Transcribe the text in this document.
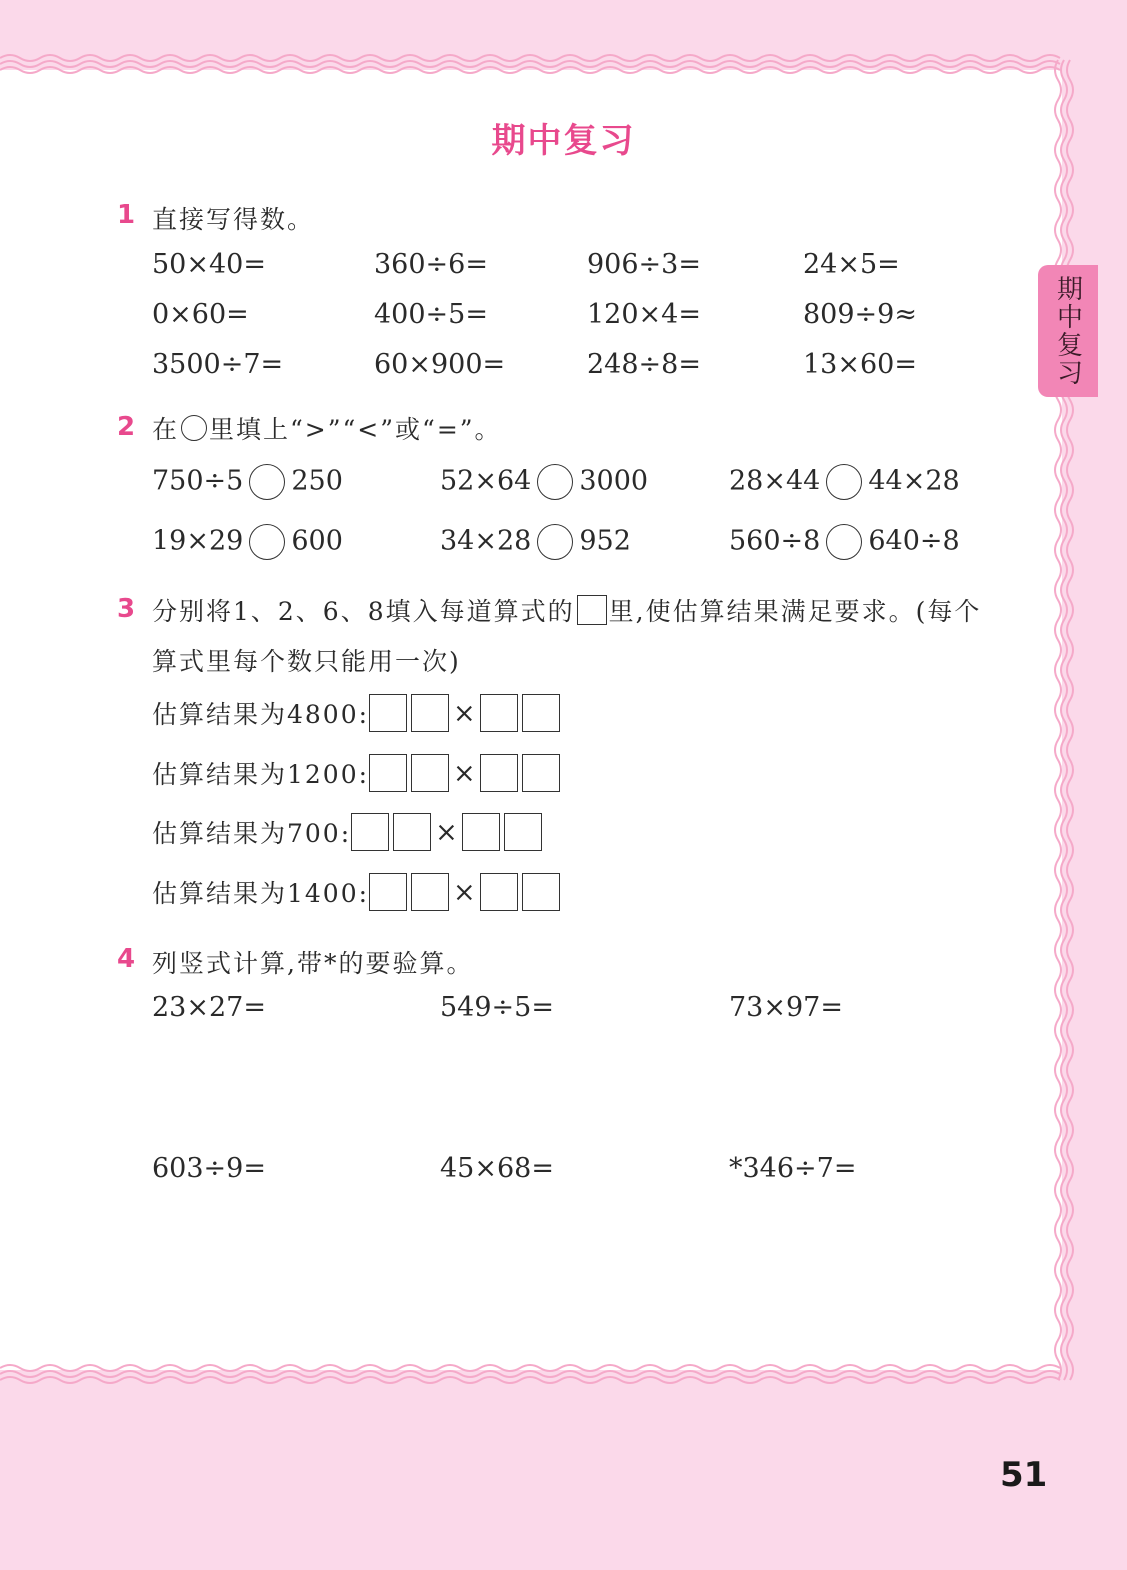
期中复习
期中复习
1 直接写得数。
50×40=	360÷6=	906÷3=	24×5=
0×60=	400÷5=	120×4=	809÷9≈
3500÷7=	60×900=	248÷8=	13×60=
2 在 里填上“>”“<”或“=”。
750÷5 250	52×64 3000	28×44 44×28
19×29 600	34×28 952	560÷8 640÷8
3 分别将1、2、6、8填入每道算式的 里,使估算结果满足要求。(每个
算式里每个数只能用一次)
估算结果为4800:	×
估算结果为1200:	×
估算结果为700:	×
估算结果为1400:	×
4 列竖式计算,带*的要验算。
23×27=	549÷5=	73×97=
603÷9=	45×68=	*346÷7=
51
